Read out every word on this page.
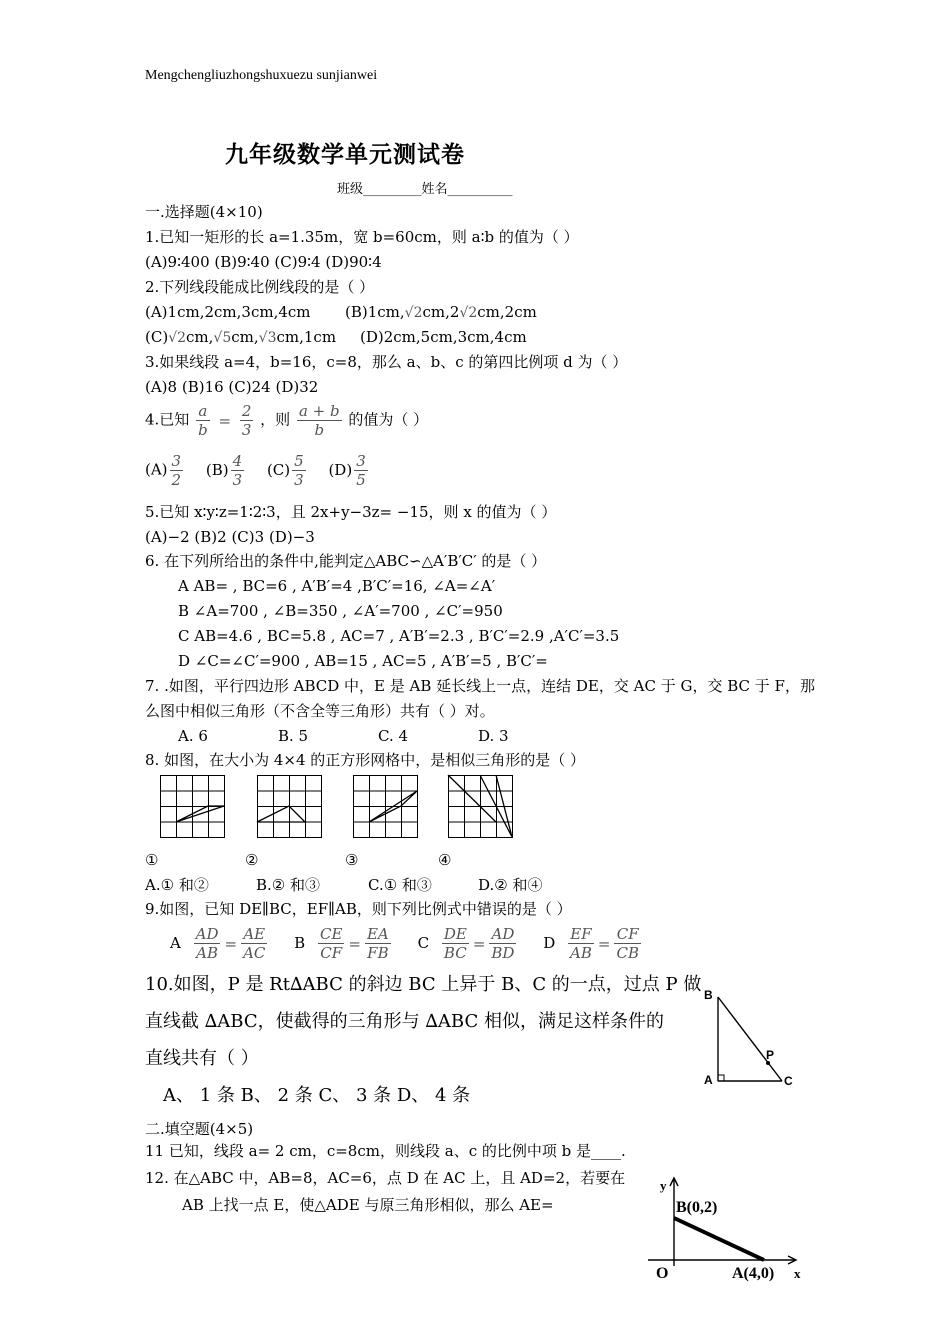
Mengchengliuzhongshuxuezu sunjianwei
九年级数学单元测试卷
班级_________姓名__________
一.选择题(4×10)
1.已知一矩形的长 a=1.35m，宽 b=60cm，则 a∶b 的值为（ ）
(A)9∶400 (B)9∶40 (C)9∶4 (D)90∶4
2.下列线段能成比例线段的是（ ）
(A)1cm,2cm,3cm,4cm (B)1cm,√2cm,2√2cm,2cm
(C)√2cm,√5cm,√3cm,1cm (D)2cm,5cm,3cm,4cm
3.如果线段 a=4，b=16，c=8，那么 a、b、c 的第四比例项 d 为（ ）
(A)8 (B)16 (C)24 (D)32
4.已知 $\frac{a}{b} = \frac{2}{3}$ ，则 $\frac{a + b}{b}$ 的值为（ ）
$(A) \frac{3}{2} (B) \frac{4}{3} (C) \frac{5}{3} (D) \frac{3}{5}$
5.已知 x∶y∶z=1∶2∶3，且 2x+y−3z= −15，则 x 的值为（ ）
(A)−2 (B)2 (C)3 (D)−3
6. 在下列所给出的条件中,能判定△ABC∽△A′B′C′ 的是（ ）
A AB= , BC=6 , A′B′=4 ,B′C′=16, ∠A=∠A′
B ∠A=700 , ∠B=350 , ∠A′=700 , ∠C′=950
C AB=4.6 , BC=5.8 , AC=7 , A′B′=2.3 , B′C′=2.9 ,A′C′=3.5
D ∠C=∠C′=900 , AB=15 , AC=5 , A′B′=5 , B′C′=
7. .如图，平行四边形 ABCD 中，E 是 AB 延长线上一点，连结 DE，交 AC 于 G，交 BC 于 F，那
么图中相似三角形（不含全等三角形）共有（ ）对。
A. 6	B. 5	C. 4	D. 3
8. 如图，在大小为 4×4 的正方形网格中，是相似三角形的是（ ）
①	②	③	④
A.① 和②	B.② 和③	C.① 和③	D.② 和④
9.如图，已知 DE∥BC，EF∥AB，则下列比例式中错误的是（ ）
A $\frac{AD}{AB} = \frac{AE}{AC}$ B $\frac{CE}{CF} = \frac{EA}{FB}$ C $\frac{DE}{BC} = \frac{AD}{BD}$ D $\frac{EF}{AB} = \frac{CF}{CB}$
10.如图，P 是 Rt∆ABC 的斜边 BC 上异于 B、C 的一点，过点 P 做
直线截 ∆ABC，使截得的三角形与 ∆ABC 相似，满足这样条件的
直线共有（ ）
A、 1 条 B、 2 条 C、 3 条 D、 4 条
B
A	C
P
二.填空题(4×5)
11 已知，线段 a= 2 cm，c=8cm，则线段 a、c 的比例中项 b 是____.
12. 在△ABC 中，AB=8，AC=6，点 D 在 AC 上，且 AD=2，若要在
AB 上找一点 E，使△ADE 与原三角形相似，那么 AE=
y
x
O
B(0,2)
A(4,0)
